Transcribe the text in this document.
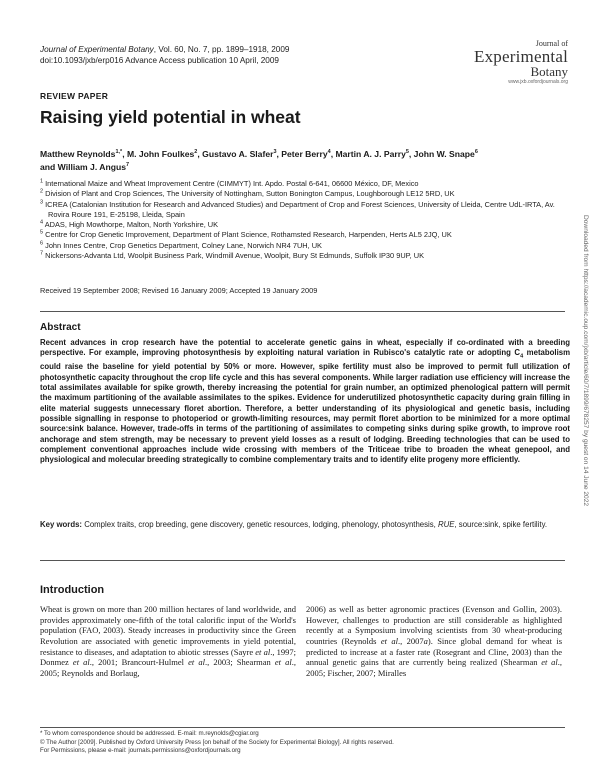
Journal of Experimental Botany, Vol. 60, No. 7, pp. 1899–1918, 2009
doi:10.1093/jxb/erp016 Advance Access publication 10 April, 2009
Journal of
Experimental
Botany
www.jxb.oxfordjournals.org
REVIEW PAPER
Raising yield potential in wheat
Matthew Reynolds$^{1,*}$, M. John Foulkes$^2$, Gustavo A. Slafer$^3$, Peter Berry$^4$, Martin A. J. Parry$^5$, John W. Snape$^6$
and William J. Angus$^7$
$^1$ International Maize and Wheat Improvement Centre (CIMMYT) Int. Apdo. Postal 6-641, 06600 México, DF, Mexico
$^2$ Division of Plant and Crop Sciences, The University of Nottingham, Sutton Bonington Campus, Loughborough LE12 5RD, UK
$^3$ ICREA (Catalonian Institution for Research and Advanced Studies) and Department of Crop and Forest Sciences, University of Lleida, Centre UdL-IRTA, Av. Rovira Roure 191, E-25198, Lleida, Spain
$^4$ ADAS, High Mowthorpe, Malton, North Yorkshire, UK
$^5$ Centre for Crop Genetic Improvement, Department of Plant Science, Rothamsted Research, Harpenden, Herts AL5 2JQ, UK
$^6$ John Innes Centre, Crop Genetics Department, Colney Lane, Norwich NR4 7UH, UK
$^7$ Nickersons-Advanta Ltd, Woolpit Business Park, Windmill Avenue, Woolpit, Bury St Edmunds, Suffolk IP30 9UP, UK
Received 19 September 2008; Revised 16 January 2009; Accepted 19 January 2009
Abstract
Recent advances in crop research have the potential to accelerate genetic gains in wheat, especially if co-ordinated with a breeding perspective. For example, improving photosynthesis by exploiting natural variation in Rubisco's catalytic rate or adopting $C_4$ metabolism could raise the baseline for yield potential by 50% or more. However, spike fertility must also be improved to permit full utilization of photosynthetic capacity throughout the crop life cycle and this has several components. While larger radiation use efficiency will increase the total assimilates available for spike growth, thereby increasing the potential for grain number, an optimized phenological pattern will permit the maximum partitioning of the available assimilates to the spikes. Evidence for underutilized photosynthetic capacity during grain filling in elite material suggests unnecessary floret abortion. Therefore, a better understanding of its physiological and genetic basis, including possible signalling in response to photoperiod or growth-limiting resources, may permit floret abortion to be minimized for a more optimal source:sink balance. However, trade-offs in terms of the partitioning of assimilates to competing sinks during spike growth, to improve root anchorage and stem strength, may be necessary to prevent yield losses as a result of lodging. Breeding technologies that can be used to complement conventional approaches include wide crossing with members of the Triticeae tribe to broaden the wheat genepool, and physiological and molecular breeding strategically to combine complementary traits and to identify elite progeny more efficiently.
Key words: Complex traits, crop breeding, gene discovery, genetic resources, lodging, phenology, photosynthesis, RUE, source:sink, spike fertility.
Introduction
Wheat is grown on more than 200 million hectares of land worldwide, and provides approximately one-fifth of the total calorific input of the World's population (FAO, 2003). Steady increases in productivity since the Green Revolution are associated with genetic improvements in yield potential, resistance to diseases, and adaptation to abiotic stresses (Sayre et al., 1997; Donmez et al., 2001; Brancourt-Hulmel et al., 2003; Shearman et al., 2005; Reynolds and Borlaug,
2006) as well as better agronomic practices (Evenson and Gollin, 2003). However, challenges to production are still considerable as highlighted recently at a Symposium involving scientists from 30 wheat-producing countries (Reynolds et al., 2007a). Since global demand for wheat is predicted to increase at a faster rate (Rosegrant and Cline, 2003) than the annual genetic gains that are currently being realized (Shearman et al., 2005; Fischer, 2007; Miralles
* To whom correspondence should be addressed. E-mail: m.reynolds@cgiar.org
© The Author [2009]. Published by Oxford University Press [on behalf of the Society for Experimental Biology]. All rights reserved.
For Permissions, please e-mail: journals.permissions@oxfordjournals.org
Downloaded from https://academic.oup.com/jxb/article/60/7/1899/678257 by guest on 14 June 2022
